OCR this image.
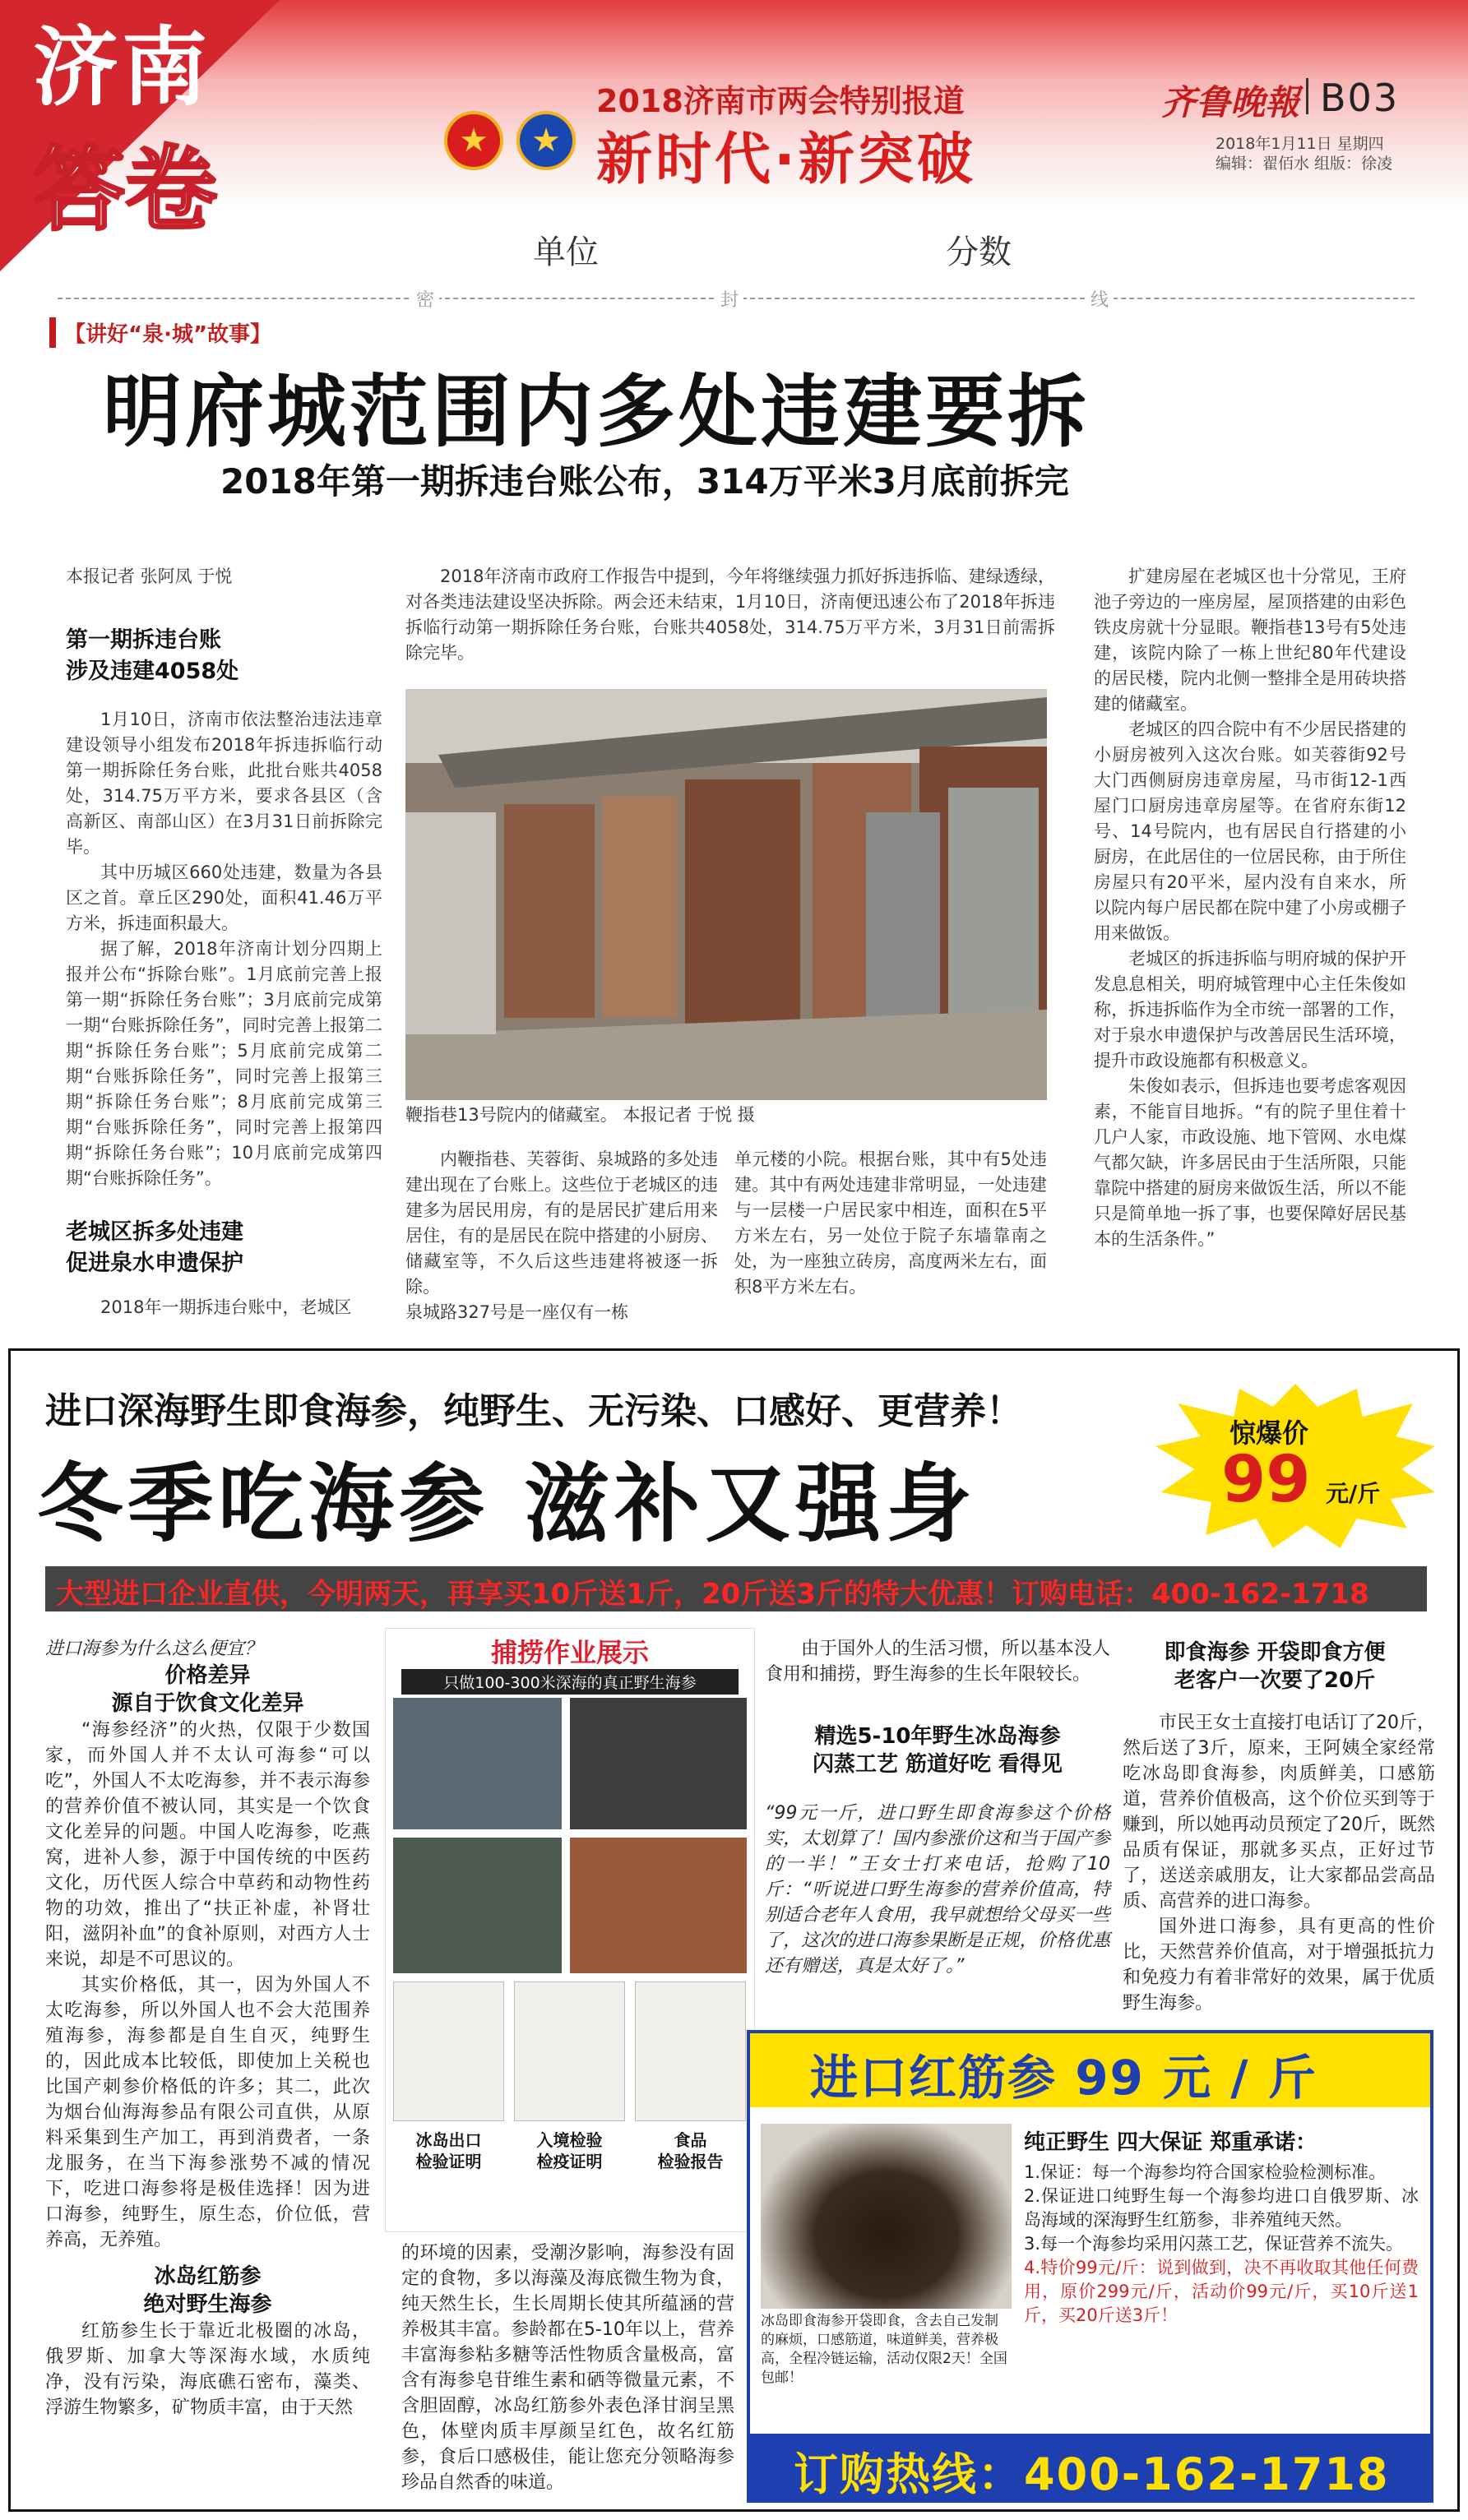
济南
答卷	★	★
2018济南市两会特别报道
新时代·新突破
齐鲁晚報 B03
2018年1月11日 星期四
编辑：翟佰水 组版：徐凌
单位	分数
密	封	线
【讲好“泉·城”故事】
明府城范围内多处违建要拆
2018年第一期拆违台账公布，314万平米3月底前拆完
本报记者 张阿凤 于悦
第一期拆违台账
涉及违建4058处

1月10日，济南市依法整治违法违章建设领导小组发布2018年拆违拆临行动第一期拆除任务台账，此批台账共4058处，314.75万平方米，要求各县区（含高新区、南部山区）在3月31日前拆除完毕。

其中历城区660处违建，数量为各县区之首。章丘区290处，面积41.46万平方米，拆违面积最大。

据了解，2018年济南计划分四期上报并公布“拆除台账”。1月底前完善上报第一期“拆除任务台账”；3月底前完成第一期“台账拆除任务”，同时完善上报第二期“拆除任务台账”；5月底前完成第二期“台账拆除任务”，同时完善上报第三期“拆除任务台账”；8月底前完成第三期“台账拆除任务”，同时完善上报第四期“拆除任务台账”；10月底前完成第四期“台账拆除任务”。

老城区拆多处违建
促进泉水申遗保护
2018年一期拆违台账中，老城区
2018年济南市政府工作报告中提到，今年将继续强力抓好拆违拆临、建绿透绿，对各类违法建设坚决拆除。两会还未结束，1月10日，济南便迅速公布了2018年拆违拆临行动第一期拆除任务台账，台账共4058处，314.75万平方米，3月31日前需拆除完毕。
鞭指巷13号院内的储藏室。 本报记者 于悦 摄
内鞭指巷、芙蓉街、泉城路的多处违建出现在了台账上。这些位于老城区的违建多为居民用房，有的是居民扩建后用来居住，有的是居民在院中搭建的小厨房、储藏室等，不久后这些违建将被逐一拆除。
泉城路327号是一座仅有一栋
单元楼的小院。根据台账，其中有5处违建。其中有两处违建非常明显，一处违建与一层楼一户居民家中相连，面积在5平方米左右，另一处位于院子东墙靠南之处，为一座独立砖房，高度两米左右，面积8平方米左右。

扩建房屋在老城区也十分常见，王府池子旁边的一座房屋，屋顶搭建的由彩色铁皮房就十分显眼。鞭指巷13号有5处违建，该院内除了一栋上世纪80年代建设的居民楼，院内北侧一整排全是用砖块搭建的储藏室。

老城区的四合院中有不少居民搭建的小厨房被列入这次台账。如芙蓉街92号大门西侧厨房违章房屋，马市街12-1西屋门口厨房违章房屋等。在省府东街12号、14号院内，也有居民自行搭建的小厨房，在此居住的一位居民称，由于所住房屋只有20平米，屋内没有自来水，所以院内每户居民都在院中建了小房或棚子用来做饭。

老城区的拆违拆临与明府城的保护开发息息相关，明府城管理中心主任朱俊如称，拆违拆临作为全市统一部署的工作，对于泉水申遗保护与改善居民生活环境，提升市政设施都有积极意义。

朱俊如表示，但拆违也要考虑客观因素，不能盲目地拆。“有的院子里住着十几户人家，市政设施、地下管网、水电煤气都欠缺，许多居民由于生活所限，只能靠院中搭建的厨房来做饭生活，所以不能只是简单地一拆了事，也要保障好居民基本的生活条件。”

进口深海野生即食海参，纯野生、无污染、口感好、更营养！
冬季吃海参 滋补又强身
惊爆价
99 元/斤
大型进口企业直供，今明两天，再享买10斤送1斤，20斤送3斤的特大优惠！订购电话：400-162-1718

进口海参为什么这么便宜？

价格差异
源自于饮食文化差异

“海参经济”的火热，仅限于少数国家，而外国人并不太认可海参“可以吃”，外国人不太吃海参，并不表示海参的营养价值不被认同，其实是一个饮食文化差异的问题。中国人吃海参，吃燕窝，进补人参，源于中国传统的中医药文化，历代医人综合中草药和动物性药物的功效，推出了“扶正补虚，补肾壮阳，滋阴补血”的食补原则，对西方人士来说，却是不可思议的。

其实价格低，其一，因为外国人不太吃海参，所以外国人也不会大范围养殖海参，海参都是自生自灭，纯野生的，因此成本比较低，即使加上关税也比国产刺参价格低的许多；其二，此次为烟台仙海海参品有限公司直供，从原料采集到生产加工，再到消费者，一条龙服务，在当下海参涨势不减的情况下，吃进口海参将是极佳选择！因为进口海参，纯野生，原生态，价位低，营养高，无养殖。

冰岛红筋参
绝对野生海参

红筋参生长于靠近北极圈的冰岛，俄罗斯、加拿大等深海水域，水质纯净，没有污染，海底礁石密布，藻类、浮游生物繁多，矿物质丰富，由于天然

捕捞作业展示
只做100-300米深海的真正野生海参
冰岛出口
检验证明
入境检验
检疫证明
食品
检验报告
的环境的因素，受潮汐影响，海参没有固定的食物，多以海藻及海底微生物为食，纯天然生长，生长周期长使其所蕴涵的营养极其丰富。参龄都在5-10年以上，营养丰富海参粘多糖等活性物质含量极高，富含有海参皂苷维生素和硒等微量元素，不含胆固醇，冰岛红筋参外表色泽甘润呈黑色，体壁肉质丰厚颜呈红色，故名红筋参，食后口感极佳，能让您充分领略海参珍品自然香的味道。
由于国外人的生活习惯，所以基本没人食用和捕捞，野生海参的生长年限较长。
精选5-10年野生冰岛海参
闪蒸工艺 筋道好吃 看得见
“99元一斤，进口野生即食海参这个价格实，太划算了！国内参涨价这和当于国产参的一半！”王女士打来电话，抢购了10斤：“听说进口野生海参的营养价值高，特别适合老年人食用，我早就想给父母买一些了，这次的进口海参果断是正规，价格优惠还有赠送，真是太好了。”
即食海参 开袋即食方便
老客户一次要了20斤

市民王女士直接打电话订了20斤，然后送了3斤，原来，王阿姨全家经常吃冰岛即食海参，肉质鲜美，口感筋道，营养价值极高，这个价位买到等于赚到，所以她再动员预定了20斤，既然品质有保证，那就多买点，正好过节了，送送亲戚朋友，让大家都品尝高品质、高营养的进口海参。

国外进口海参，具有更高的性价比，天然营养价值高，对于增强抵抗力和免疫力有着非常好的效果，属于优质野生海参。

进口红筋参 99 元 / 斤
冰岛即食海参开袋即食，含去自己发制的麻烦，口感筋道，味道鲜美，营养极高，全程冷链运输，活动仅限2天！全国包邮！
纯正野生 四大保证 郑重承诺：

1.保证：每一个海参均符合国家检验检测标准。

2.保证进口纯野生每一个海参均进口自俄罗斯、冰岛海域的深海野生红筋参，非养殖纯天然。

3.每一个海参均采用闪蒸工艺，保证营养不流失。

4.特价99元/斤：说到做到，决不再收取其他任何费用，原价299元/斤，活动价99元/斤，买10斤送1斤，买20斤送3斤！

订购热线：400-162-1718
